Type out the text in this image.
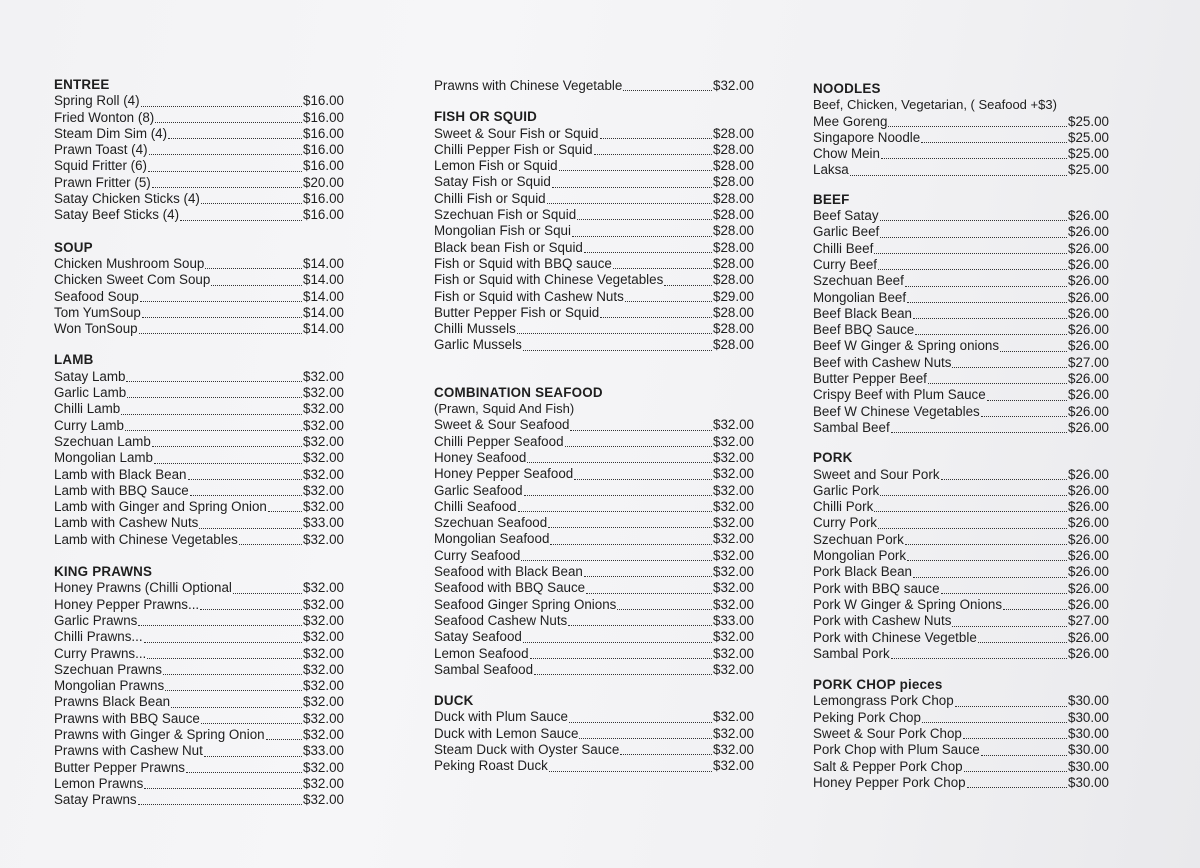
ENTREE
Spring Roll (4)	$16.00
Fried Wonton (8)	$16.00
Steam Dim Sim (4)	$16.00
Prawn Toast (4)	$16.00
Squid Fritter (6)	$16.00
Prawn Fritter (5)	$20.00
Satay Chicken Sticks (4)	$16.00
Satay Beef Sticks (4)	$16.00
SOUP
Chicken Mushroom Soup	$14.00
Chicken Sweet Com Soup	$14.00
Seafood Soup	$14.00
Tom YumSoup	$14.00
Won TonSoup	$14.00
LAMB
Satay Lamb	$32.00
Garlic Lamb	$32.00
Chilli Lamb	$32.00
Curry Lamb	$32.00
Szechuan Lamb	$32.00
Mongolian Lamb	$32.00
Lamb with Black Bean	$32.00
Lamb with BBQ Sauce	$32.00
Lamb with Ginger and Spring Onion	$32.00
Lamb with Cashew Nuts	$33.00
Lamb with Chinese Vegetables	$32.00
KING PRAWNS
Honey Prawns (Chilli Optional	$32.00
Honey Pepper Prawns...	$32.00
Garlic Prawns	$32.00
Chilli Prawns...	$32.00
Curry Prawns...	$32.00
Szechuan Prawns	$32.00
Mongolian Prawns	$32.00
Prawns Black Bean	$32.00
Prawns with BBQ Sauce	$32.00
Prawns with Ginger & Spring Onion	$32.00
Prawns with Cashew Nut	$33.00
Butter Pepper Prawns	$32.00
Lemon Prawns	$32.00
Satay Prawns	$32.00
Prawns with Chinese Vegetable	$32.00
FISH OR SQUID
Sweet & Sour Fish or Squid	$28.00
Chilli Pepper Fish or Squid	$28.00
Lemon Fish or Squid	$28.00
Satay Fish or Squid	$28.00
Chilli Fish or Squid	$28.00
Szechuan Fish or Squid	$28.00
Mongolian Fish or Squi	$28.00
Black bean Fish or Squid	$28.00
Fish or Squid with BBQ sauce	$28.00
Fish or Squid with Chinese Vegetables	$28.00
Fish or Squid with Cashew Nuts	$29.00
Butter Pepper Fish or Squid	$28.00
Chilli Mussels	$28.00
Garlic Mussels	$28.00
COMBINATION SEAFOOD
(Prawn, Squid And Fish)
Sweet & Sour Seafood	$32.00
Chilli Pepper Seafood	$32.00
Honey Seafood	$32.00
Honey Pepper Seafood	$32.00
Garlic Seafood	$32.00
Chilli Seafood	$32.00
Szechuan Seafood	$32.00
Mongolian Seafood	$32.00
Curry Seafood	$32.00
Seafood with Black Bean	$32.00
Seafood with BBQ Sauce	$32.00
Seafood Ginger Spring Onions	$32.00
Seafood Cashew Nuts	$33.00
Satay Seafood	$32.00
Lemon Seafood	$32.00
Sambal Seafood	$32.00
DUCK
Duck with Plum Sauce	$32.00
Duck with Lemon Sauce	$32.00
Steam Duck with Oyster Sauce	$32.00
Peking Roast Duck	$32.00
NOODLES
Beef, Chicken, Vegetarian, ( Seafood +$3)
Mee Goreng	$25.00
Singapore Noodle	$25.00
Chow Mein	$25.00
Laksa	$25.00
BEEF
Beef Satay	$26.00
Garlic Beef	$26.00
Chilli Beef	$26.00
Curry Beef	$26.00
Szechuan Beef	$26.00
Mongolian Beef	$26.00
Beef Black Bean	$26.00
Beef BBQ Sauce	$26.00
Beef W Ginger & Spring onions	$26.00
Beef with Cashew Nuts	$27.00
Butter Pepper Beef	$26.00
Crispy Beef with Plum Sauce	$26.00
Beef W Chinese Vegetables	$26.00
Sambal Beef	$26.00
PORK
Sweet and Sour Pork	$26.00
Garlic Pork	$26.00
Chilli Pork	$26.00
Curry Pork	$26.00
Szechuan Pork	$26.00
Mongolian Pork	$26.00
Pork Black Bean	$26.00
Pork with BBQ sauce	$26.00
Pork W Ginger & Spring Onions	$26.00
Pork with Cashew Nuts	$27.00
Pork with Chinese Vegetble	$26.00
Sambal Pork	$26.00
PORK CHOP pieces
Lemongrass Pork Chop	$30.00
Peking Pork Chop	$30.00
Sweet & Sour Pork Chop	$30.00
Pork Chop with Plum Sauce	$30.00
Salt & Pepper Pork Chop	$30.00
Honey Pepper Pork Chop	$30.00
